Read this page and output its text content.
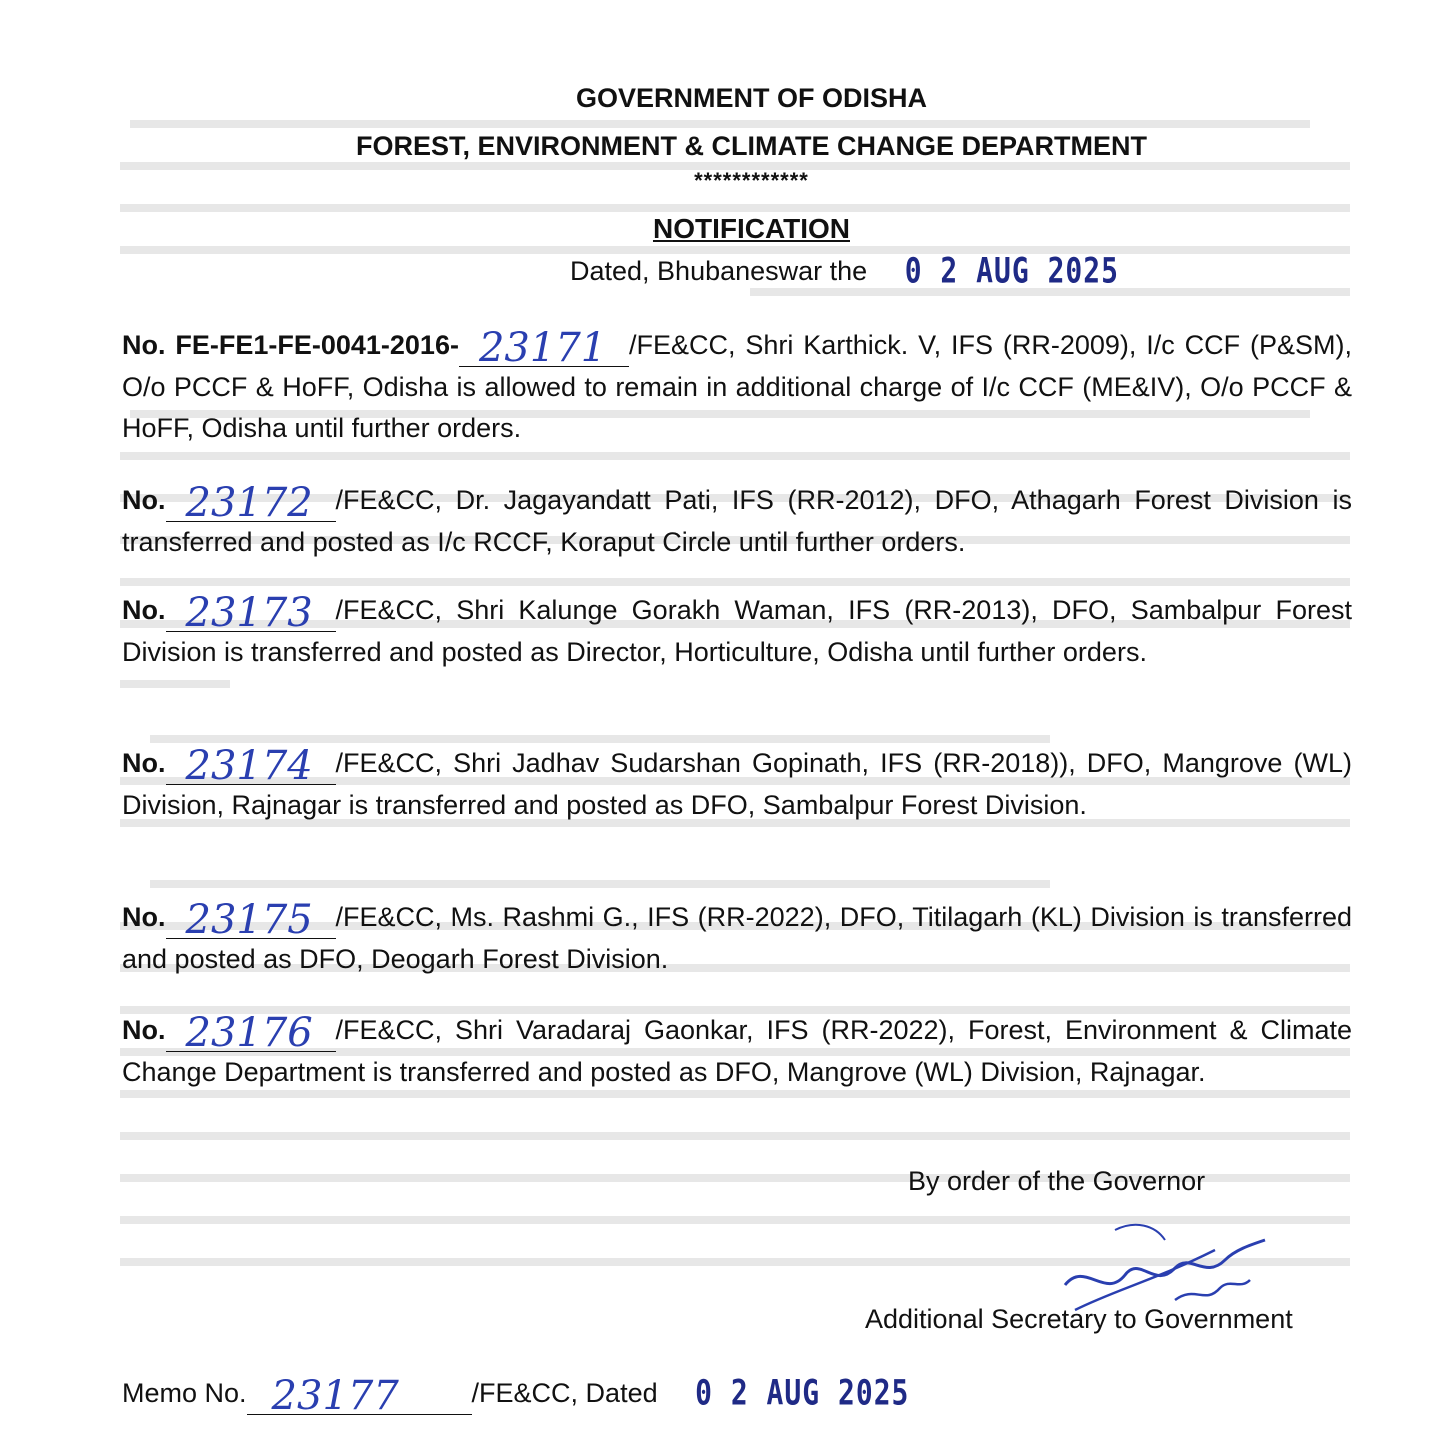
GOVERNMENT OF ODISHA
FOREST, ENVIRONMENT & CLIMATE CHANGE DEPARTMENT
************
NOTIFICATION
Dated, Bhubaneswar the 0 2 AUG 2025
No. FE-FE1-FE-0041-2016- 23171 /FE&CC, Shri Karthick. V, IFS (RR-2009), I/c CCF (P&SM), O/o PCCF & HoFF, Odisha is allowed to remain in additional charge of I/c CCF (ME&IV), O/o PCCF & HoFF, Odisha until further orders.
No. 23172 /FE&CC, Dr. Jagayandatt Pati, IFS (RR-2012), DFO, Athagarh Forest Division is transferred and posted as I/c RCCF, Koraput Circle until further orders.
No. 23173 /FE&CC, Shri Kalunge Gorakh Waman, IFS (RR-2013), DFO, Sambalpur Forest Division is transferred and posted as Director, Horticulture, Odisha until further orders.
No. 23174 /FE&CC, Shri Jadhav Sudarshan Gopinath, IFS (RR-2018)), DFO, Mangrove (WL) Division, Rajnagar is transferred and posted as DFO, Sambalpur Forest Division.
No. 23175 /FE&CC, Ms. Rashmi G., IFS (RR-2022), DFO, Titilagarh (KL) Division is transferred and posted as DFO, Deogarh Forest Division.
No. 23176 /FE&CC, Shri Varadaraj Gaonkar, IFS (RR-2022), Forest, Environment & Climate Change Department is transferred and posted as DFO, Mangrove (WL) Division, Rajnagar.
By order of the Governor
Additional Secretary to Government
Memo No. 23177	/FE&CC, Dated 0 2 AUG 2025
